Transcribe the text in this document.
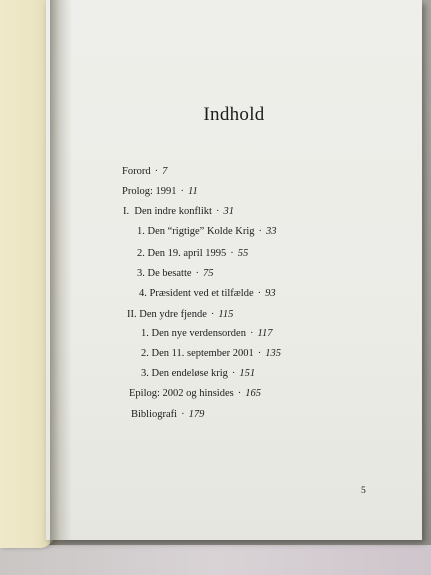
Indhold
Forord · 7
Prolog: 1991 · 11
I.  Den indre konflikt · 31
1. Den “rigtige” Kolde Krig · 33
2. Den 19. april 1995 · 55
3. De besatte · 75
4. Præsident ved et tilfælde · 93
II. Den ydre fjende · 115
1. Den nye verdensorden · 117
2. Den 11. september 2001 · 135
3. Den endeløse krig · 151
Epilog: 2002 og hinsides · 165
Bibliografi · 179
5
